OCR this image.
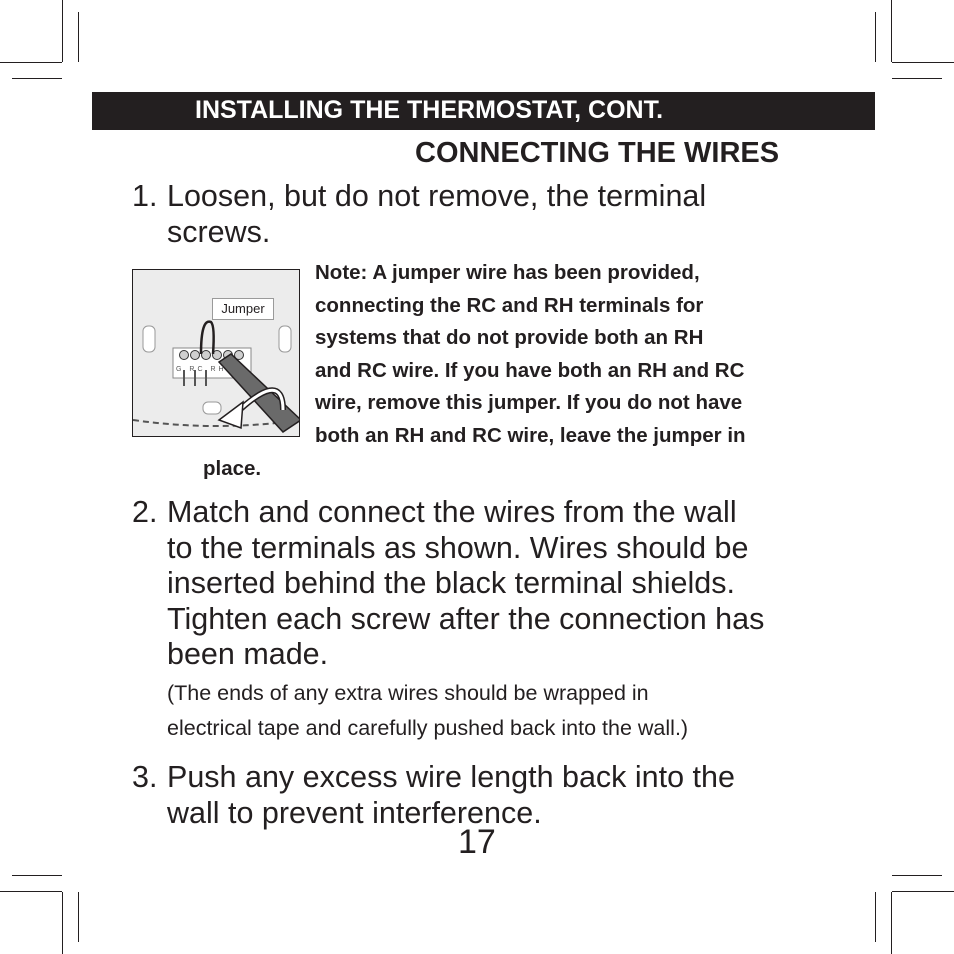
INSTALLING THE THERMOSTAT, CONT.
CONNECTING THE WIRES
1. Loosen, but do not remove, the terminal
screws.
G RC RH
Jumper
Note: A jumper wire has been provided,
connecting the RC and RH terminals for
systems that do not provide both an RH
and RC wire. If you have both an RH and RC
wire, remove this jumper. If you do not have
both an RH and RC wire, leave the jumper in
place.
2. Match and connect the wires from the wall
to the terminals as shown. Wires should be
inserted behind the black terminal shields.
Tighten each screw after the connection has
been made.
(The ends of any extra wires should be wrapped in
electrical tape and carefully pushed back into the wall.)
3. Push any excess wire length back into the
wall to prevent interference.
17
